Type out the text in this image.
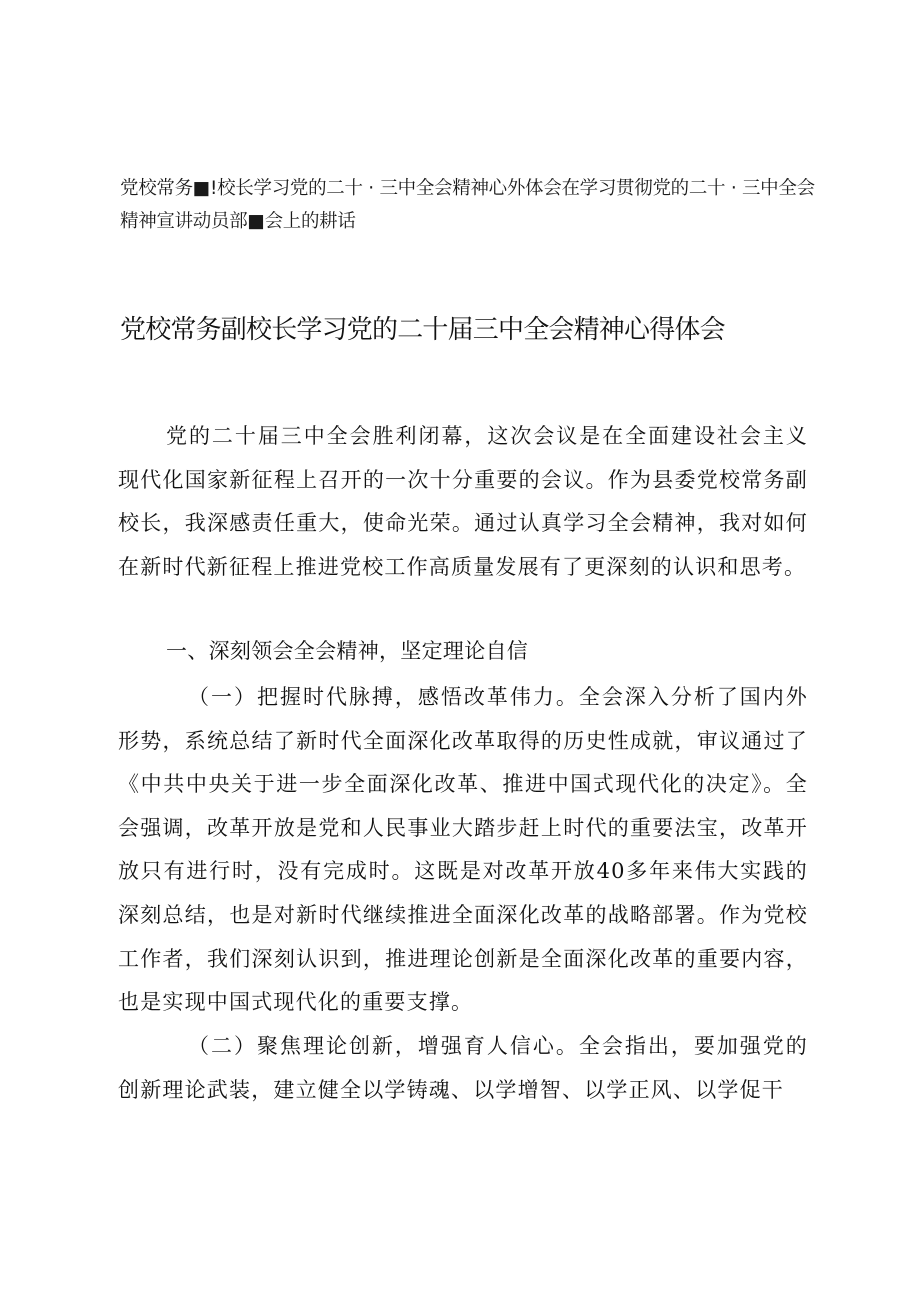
党校常务■!校长学习党的二十 · 三中全会精神心外体会在学习贯彻党的二十 · 三中全会精神宣讲动员部■会上的耕话
党校常务副校长学习党的二十届三中全会精神心得体会

党的二十届三中全会胜利闭幕，这次会议是在全面建设社会主义现代化国家新征程上召开的一次十分重要的会议。作为县委党校常务副校长，我深感责任重大，使命光荣。通过认真学习全会精神，我对如何在新时代新征程上推进党校工作高质量发展有了更深刻的认识和思考。

一、深刻领会全会精神，坚定理论自信

（一）把握时代脉搏，感悟改革伟力。全会深入分析了国内外形势，系统总结了新时代全面深化改革取得的历史性成就，审议通过了《中共中央关于进一步全面深化改革、推进中国式现代化的决定》。全会强调，改革开放是党和人民事业大踏步赶上时代的重要法宝，改革开放只有进行时，没有完成时。这既是对改革开放40多年来伟大实践的深刻总结，也是对新时代继续推进全面深化改革的战略部署。作为党校工作者，我们深刻认识到，推进理论创新是全面深化改革的重要内容，也是实现中国式现代化的重要支撑。

（二）聚焦理论创新，增强育人信心。全会指出，要加强党的创新理论武装，建立健全以学铸魂、以学增智、以学正风、以学促干
